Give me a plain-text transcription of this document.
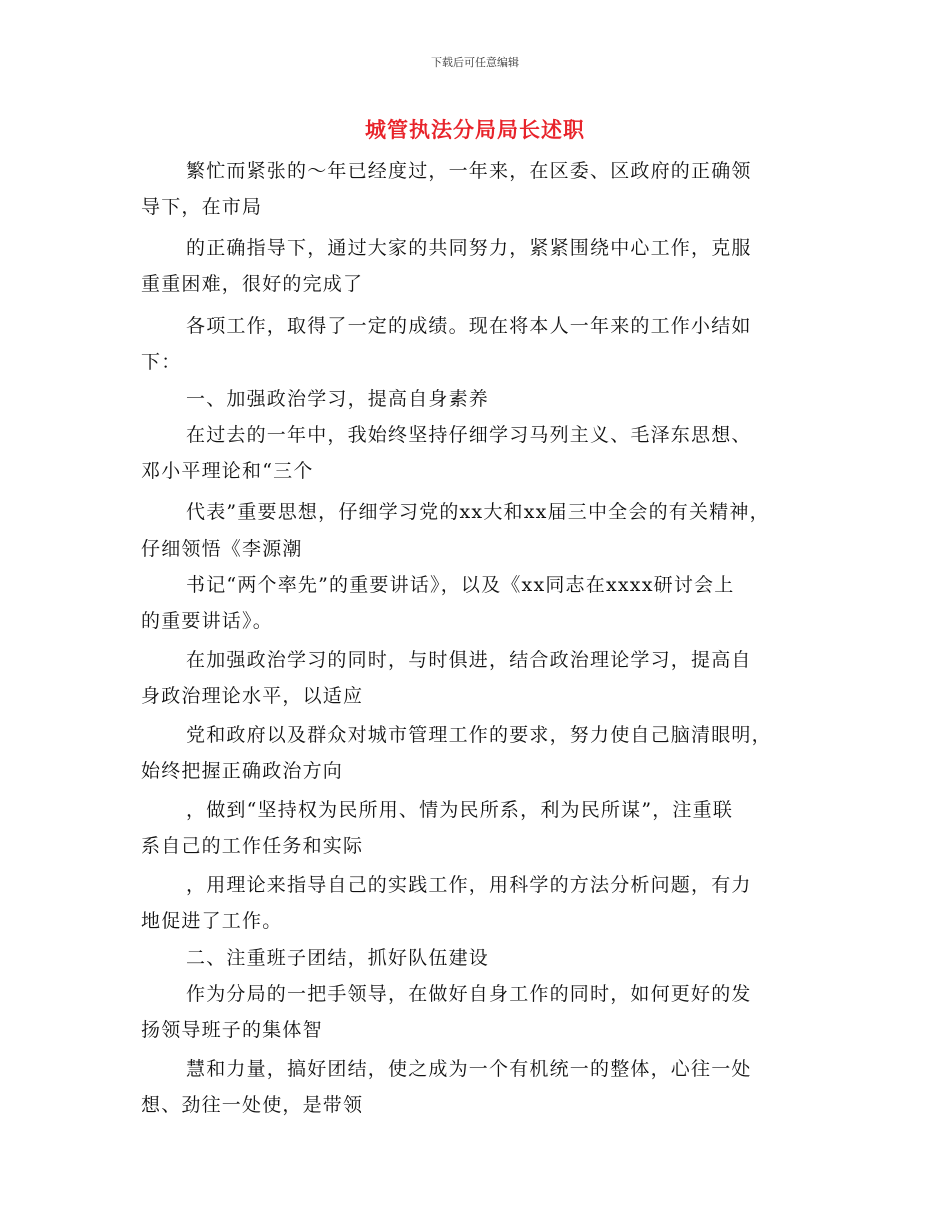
下载后可任意编辑
城管执法分局局长述职
繁忙而紧张的～年已经度过，一年来，在区委、区政府的正确领
导下，在市局
的正确指导下，通过大家的共同努力，紧紧围绕中心工作，克服
重重困难，很好的完成了
各项工作，取得了一定的成绩。现在将本人一年来的工作小结如
下：
一、加强政治学习，提高自身素养
在过去的一年中，我始终坚持仔细学习马列主义、毛泽东思想、
邓小平理论和“三个
代表”重要思想，仔细学习党的xx大和xx届三中全会的有关精神，
仔细领悟《李源潮
书记“两个率先”的重要讲话》，以及《xx同志在xxxx研讨会上
的重要讲话》。
在加强政治学习的同时，与时俱进，结合政治理论学习，提高自
身政治理论水平，以适应
党和政府以及群众对城市管理工作的要求，努力使自己脑清眼明，
始终把握正确政治方向
，做到“坚持权为民所用、情为民所系，利为民所谋”，注重联
系自己的工作任务和实际
，用理论来指导自己的实践工作，用科学的方法分析问题，有力
地促进了工作。
二、注重班子团结，抓好队伍建设
作为分局的一把手领导，在做好自身工作的同时，如何更好的发
扬领导班子的集体智
慧和力量，搞好团结，使之成为一个有机统一的整体，心往一处
想、劲往一处使，是带领
